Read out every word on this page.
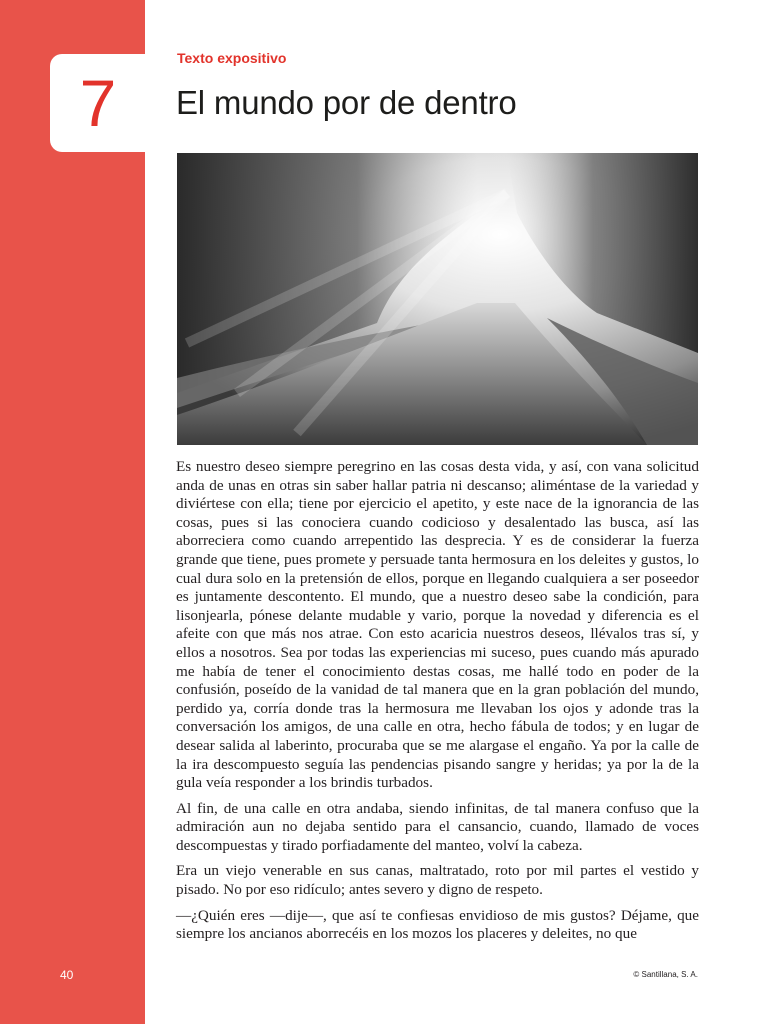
7
Texto expositivo
El mundo por de dentro

Es nuestro deseo siempre peregrino en las cosas desta vida, y así, con vana solicitud anda de unas en otras sin saber hallar patria ni descanso; aliméntase de la variedad y diviértese con ella; tiene por ejercicio el apetito, y este nace de la ignorancia de las cosas, pues si las conociera cuando codicioso y desalentado las busca, así las aborreciera como cuando arrepentido las desprecia. Y es de considerar la fuerza grande que tiene, pues promete y persuade tanta hermosura en los deleites y gustos, lo cual dura solo en la pretensión de ellos, porque en llegando cualquiera a ser poseedor es juntamente descontento. El mundo, que a nuestro deseo sabe la condición, para lisonjearla, pónese delante mudable y vario, porque la novedad y diferencia es el afeite con que más nos atrae. Con esto acaricia nuestros deseos, llévalos tras sí, y ellos a nosotros. Sea por todas las experiencias mi suceso, pues cuando más apurado me había de tener el conocimiento destas cosas, me hallé todo en poder de la confusión, poseído de la vanidad de tal manera que en la gran población del mundo, perdido ya, corría donde tras la hermosura me llevaban los ojos y adonde tras la conversación los amigos, de una calle en otra, hecho fábula de todos; y en lugar de desear salida al laberinto, procuraba que se me alargase el engaño. Ya por la calle de la ira descompuesto seguía las pendencias pisando sangre y heridas; ya por la de la gula veía responder a los brindis turbados.

Al fin, de una calle en otra andaba, siendo infinitas, de tal manera confuso que la admiración aun no dejaba sentido para el cansancio, cuando, llamado de voces descompuestas y tirado porfiadamente del manteo, volví la cabeza.

Era un viejo venerable en sus canas, maltratado, roto por mil partes el vestido y pisado. No por eso ridículo; antes severo y digno de respeto.

—¿Quién eres —dije—, que así te confiesas envidioso de mis gustos? Déjame, que siempre los ancianos aborrecéis en los mozos los placeres y deleites, no que

40	© Santillana, S. A.
